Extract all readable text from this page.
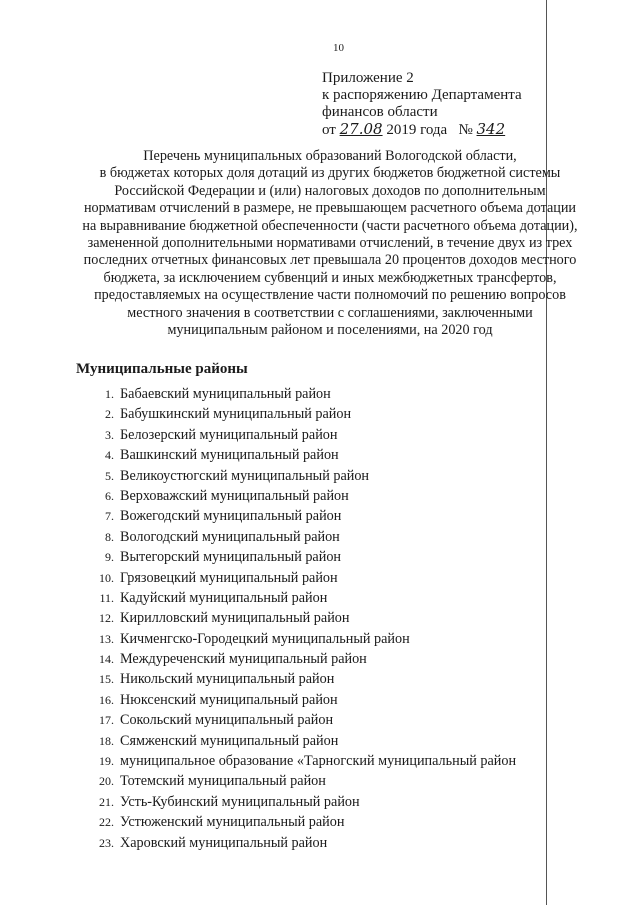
10
Приложение 2
к распоряжению Департамента
финансов области
от 27.08 2019 года № 342
Перечень муниципальных образований Вологодской области,
в бюджетах которых доля дотаций из других бюджетов бюджетной системы
Российской Федерации и (или) налоговых доходов по дополнительным
нормативам отчислений в размере, не превышающем расчетного объема дотации
на выравнивание бюджетной обеспеченности (части расчетного объема дотации),
замененной дополнительными нормативами отчислений, в течение двух из трех
последних отчетных финансовых лет превышала 20 процентов доходов местного
бюджета, за исключением субвенций и иных межбюджетных трансфертов,
предоставляемых на осуществление части полномочий по решению вопросов
местного значения в соответствии с соглашениями, заключенными
муниципальным районом и поселениями, на 2020 год
Муниципальные районы
1. Бабаевский муниципальный район
2. Бабушкинский муниципальный район
3. Белозерский муниципальный район
4. Вашкинский муниципальный район
5. Великоустюгский муниципальный район
6. Верховажский муниципальный район
7. Вожегодский муниципальный район
8. Вологодский муниципальный район
9. Вытегорский муниципальный район
10. Грязовецкий муниципальный район
11. Кадуйский муниципальный район
12. Кирилловский муниципальный район
13. Кичменгско-Городецкий муниципальный район
14. Междуреченский муниципальный район
15. Никольский муниципальный район
16. Нюксенский муниципальный район
17. Сокольский муниципальный район
18. Сямженский муниципальный район
19. муниципальное образование «Тарногский муниципальный район
20. Тотемский муниципальный район
21. Усть-Кубинский муниципальный район
22. Устюженский муниципальный район
23. Харовский муниципальный район
